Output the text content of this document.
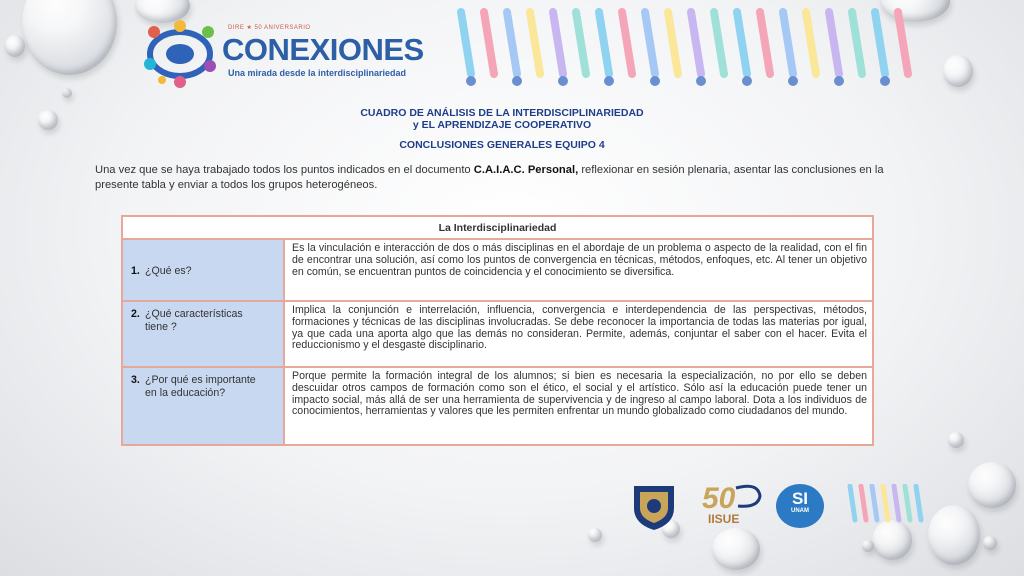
DIRE ★ 50 ANIVERSARIO
CONEXIONES
Una mirada desde la interdisciplinariedad
CUADRO DE ANÁLISIS DE LA INTERDISCIPLINARIEDAD
y EL APRENDIZAJE COOPERATIVO
CONCLUSIONES GENERALES EQUIPO 4
Una vez que se haya trabajado todos los puntos indicados en el documento C.A.I.A.C. Personal, reflexionar en sesión plenaria, asentar las conclusiones en la presente tabla y enviar a todos los grupos heterogéneos.
La Interdisciplinariedad	
1. ¿Qué es?	Es la vinculación e interacción de dos o más disciplinas en el abordaje de un problema o aspecto de la realidad, con el fin de encontrar una solución, así como los puntos de convergencia en técnicas, métodos, enfoques, etc. Al tener un objetivo en común, se encuentran puntos de coincidencia y el conocimiento se diversifica.
2. ¿Qué características tiene ?	Implica la conjunción e interrelación, influencia, convergencia e interdependencia de las perspectivas, métodos, formaciones y técnicas de las disciplinas involucradas. Se debe reconocer la importancia de todas las materias por igual, ya que cada una aporta algo que las demás no consideran. Permite, además, conjuntar el saber con el hacer. Evita el reduccionismo y el desgaste disciplinario.
3. ¿Por qué es importante en la educación?	Porque permite la formación integral de los alumnos; si bien es necesaria la especialización, no por ello se deben descuidar otros campos de formación como son el ético, el social y el artístico. Sólo así la educación puede tener un impacto social, más allá de ser una herramienta de supervivencia y de ingreso al campo laboral. Dota a los individuos de conocimientos, herramientas y valores que les permiten enfrentar un mundo globalizado como ciudadanos del mundo.
50
IISUE
SI
UNAM
